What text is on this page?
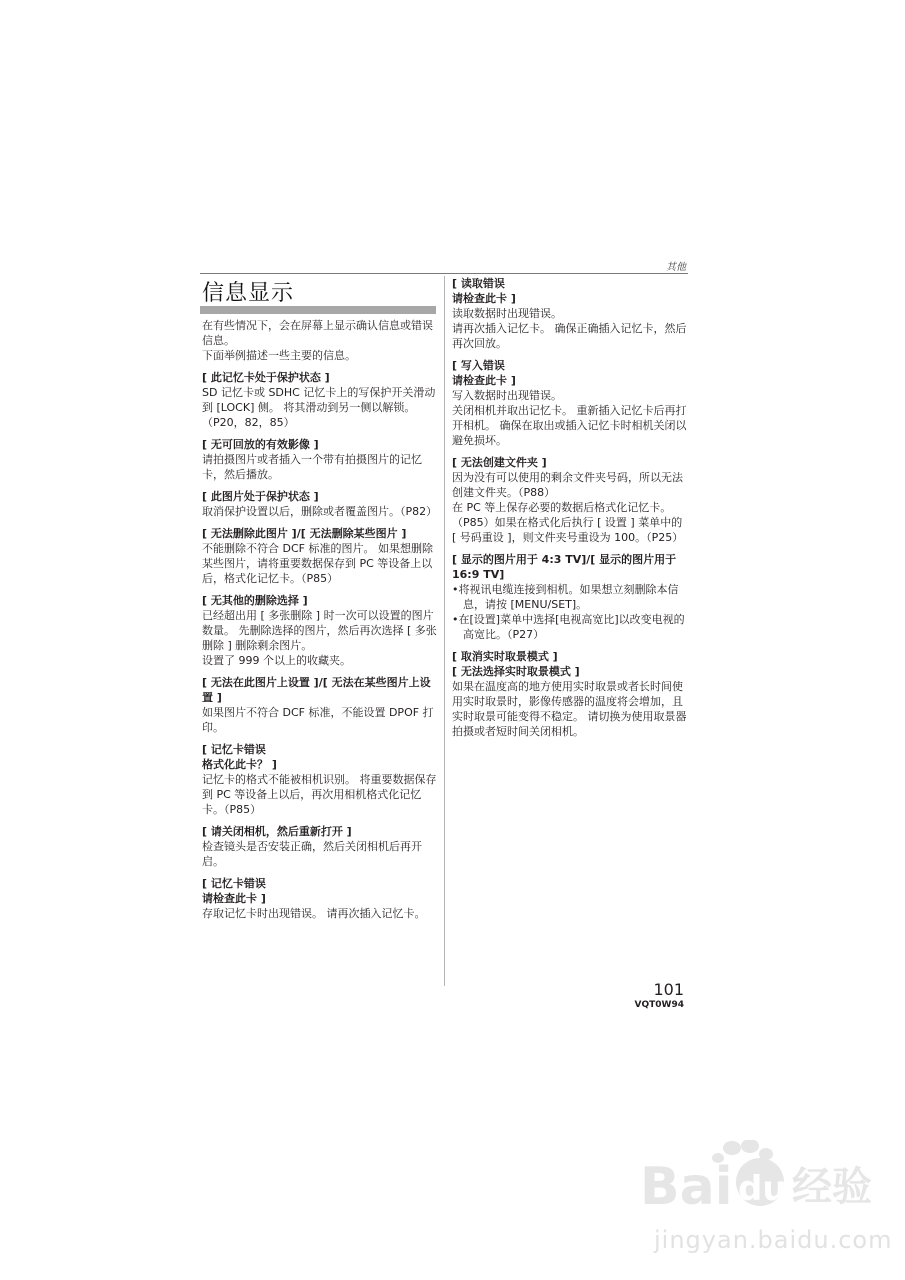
其他
信息显示

在有些情况下，会在屏幕上显示确认信息或错误信息。

下面举例描述一些主要的信息。

[ 此记忆卡处于保护状态 ]

SD 记忆卡或 SDHC 记忆卡上的写保护开关滑动到 [LOCK] 侧。 将其滑动到另一侧以解锁。（P20，82，85）

[ 无可回放的有效影像 ]

请拍摄图片或者插入一个带有拍摄图片的记忆卡，然后播放。

[ 此图片处于保护状态 ]

取消保护设置以后，删除或者覆盖图片。（P82）

[ 无法删除此图片 ]/[ 无法删除某些图片 ]

不能删除不符合 DCF 标准的图片。 如果想删除某些图片，请将重要数据保存到 PC 等设备上以后，格式化记忆卡。（P85）

[ 无其他的删除选择 ]

已经超出用 [ 多张删除 ] 时一次可以设置的图片数量。 先删除选择的图片，然后再次选择 [ 多张删除 ] 删除剩余图片。

设置了 999 个以上的收藏夹。

[ 无法在此图片上设置 ]/[ 无法在某些图片上设置 ]

如果图片不符合 DCF 标准，不能设置 DPOF 打印。

[ 记忆卡错误

格式化此卡？ ]

记忆卡的格式不能被相机识别。 将重要数据保存到 PC 等设备上以后，再次用相机格式化记忆卡。（P85）

[ 请关闭相机，然后重新打开 ]

检查镜头是否安装正确，然后关闭相机后再开启。

[ 记忆卡错误

请检查此卡 ]

存取记忆卡时出现错误。 请再次插入记忆卡。

[ 读取错误

请检查此卡 ]

读取数据时出现错误。

请再次插入记忆卡。 确保正确插入记忆卡，然后再次回放。

[ 写入错误

请检查此卡 ]

写入数据时出现错误。

关闭相机并取出记忆卡。 重新插入记忆卡后再打开相机。 确保在取出或插入记忆卡时相机关闭以避免损坏。

[ 无法创建文件夹 ]

因为没有可以使用的剩余文件夹号码，所以无法创建文件夹。（P88）

在 PC 等上保存必要的数据后格式化记忆卡。（P85）如果在格式化后执行 [ 设置 ] 菜单中的 [ 号码重设 ]，则文件夹号重设为 100。（P25）

[ 显示的图片用于 4:3 TV]/[ 显示的图片用于 16:9 TV]

•将视讯电缆连接到相机。如果想立刻删除本信息，请按 [MENU/SET]。

•在[设置]菜单中选择[电视高宽比]以改变电视的高宽比。（P27）

[ 取消实时取景模式 ]

[ 无法选择实时取景模式 ]

如果在温度高的地方使用实时取景或者长时间使用实时取景时，影像传感器的温度将会增加，且实时取景可能变得不稳定。 请切换为使用取景器拍摄或者短时间关闭相机。

101
VQT0W94
Bai du 经验
jingyan.baidu.com
